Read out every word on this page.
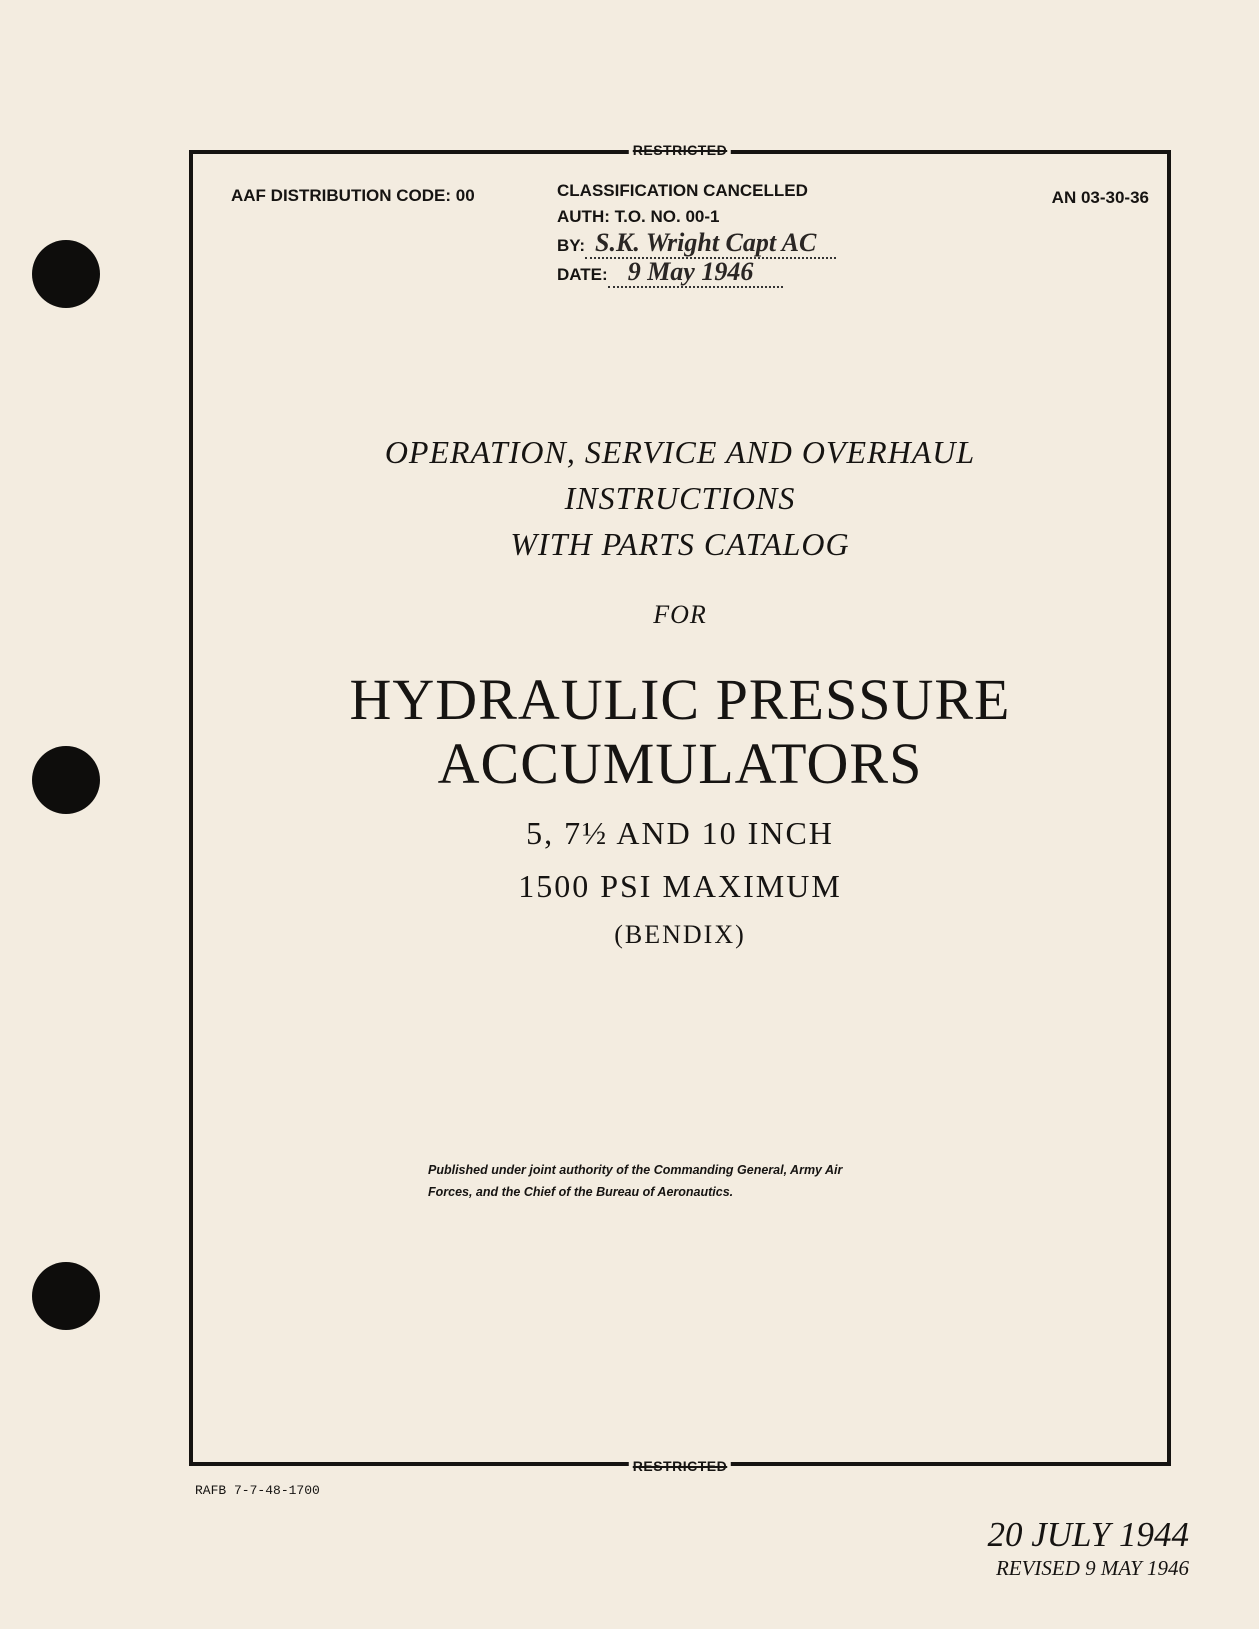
RESTRICTED
RESTRICTED
AAF DISTRIBUTION CODE: 00	CLASSIFICATION CANCELLED
AUTH: T.O. NO. 00-1
BY: S.K. Wright Capt AC
DATE: 9 May 1946
AN 03-30-36
OPERATION, SERVICE AND OVERHAUL
INSTRUCTIONS
WITH PARTS CATALOG
FOR
HYDRAULIC PRESSURE
ACCUMULATORS
5, 7½ AND 10 INCH
1500 PSI MAXIMUM
(BENDIX)
Published under joint authority of the Commanding General, Army Air
Forces, and the Chief of the Bureau of Aeronautics.
RAFB 7-7-48-1700
20 JULY 1944
REVISED 9 MAY 1946
